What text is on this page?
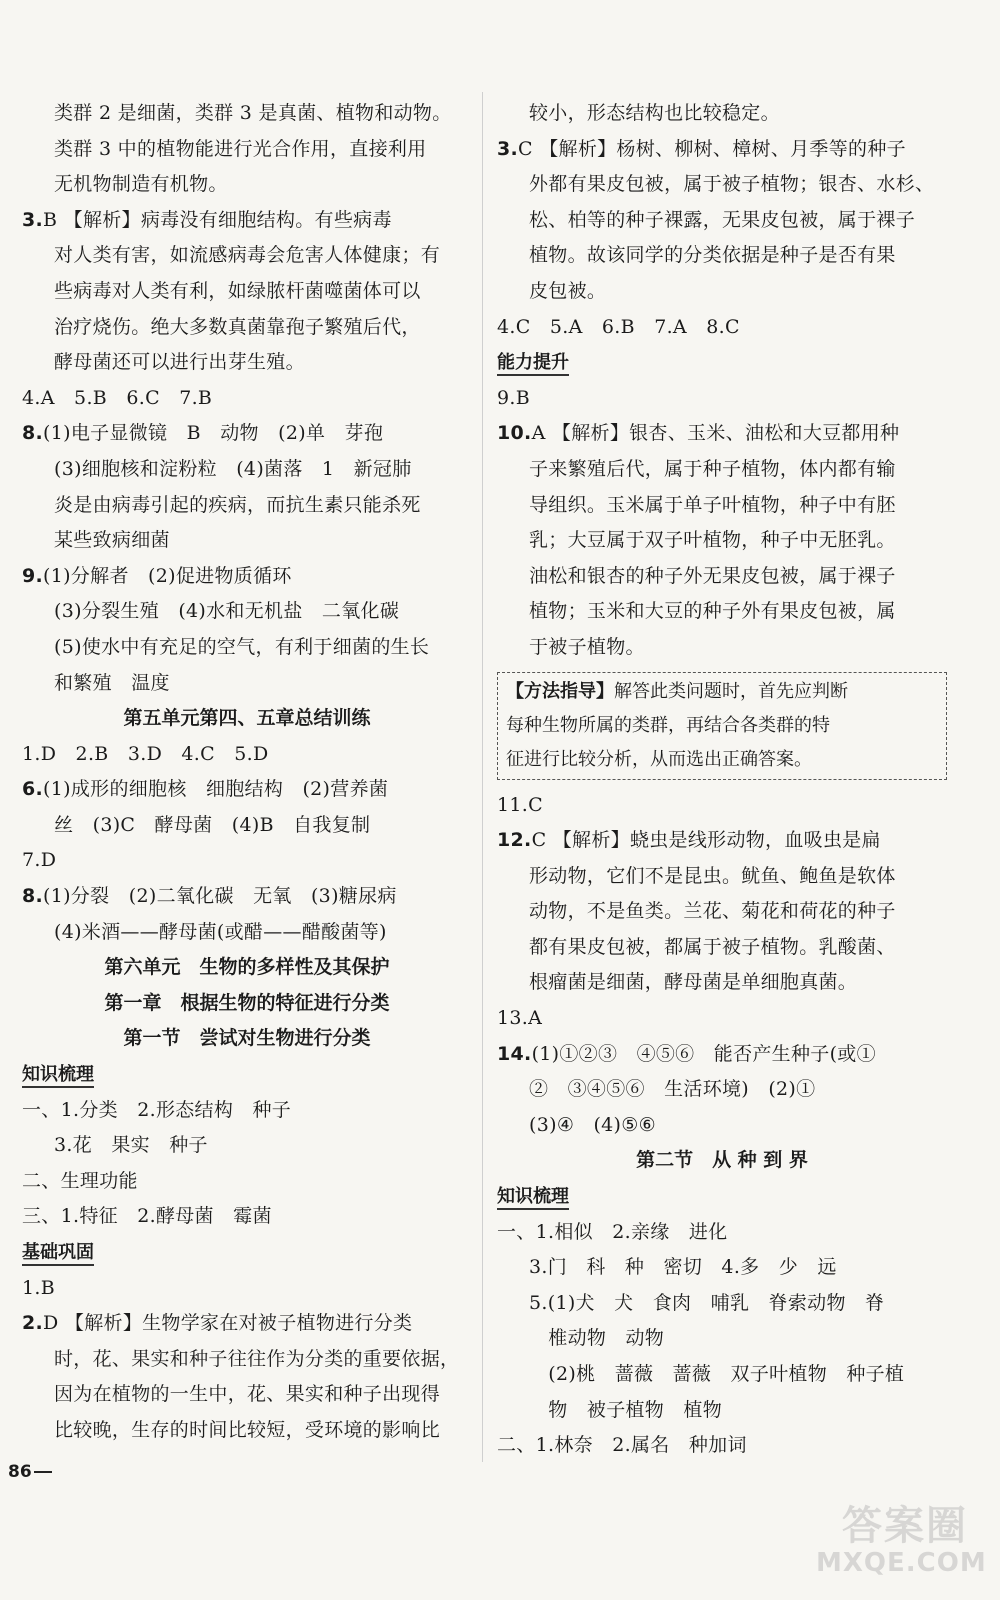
类群 2 是细菌，类群 3 是真菌、植物和动物。
类群 3 中的植物能进行光合作用，直接利用
无机物制造有机物。
3.B 【解析】病毒没有细胞结构。有些病毒
对人类有害，如流感病毒会危害人体健康；有
些病毒对人类有利，如绿脓杆菌噬菌体可以
治疗烧伤。绝大多数真菌靠孢子繁殖后代，
酵母菌还可以进行出芽生殖。
4.A　5.B　6.C　7.B
8.(1)电子显微镜　B　动物　(2)单　芽孢
(3)细胞核和淀粉粒　(4)菌落　1　新冠肺
炎是由病毒引起的疾病，而抗生素只能杀死
某些致病细菌
9.(1)分解者　(2)促进物质循环
(3)分裂生殖　(4)水和无机盐　二氧化碳
(5)使水中有充足的空气，有利于细菌的生长
和繁殖　温度
第五单元第四、五章总结训练
1.D　2.B　3.D　4.C　5.D
6.(1)成形的细胞核　细胞结构　(2)营养菌
丝　(3)C　酵母菌　(4)B　自我复制
7.D
8.(1)分裂　(2)二氧化碳　无氧　(3)糖尿病
(4)米酒——酵母菌(或醋——醋酸菌等)
第六单元　生物的多样性及其保护
第一章　根据生物的特征进行分类
第一节　尝试对生物进行分类
知识梳理
一、1.分类　2.形态结构　种子
3.花　果实　种子
二、生理功能
三、1.特征　2.酵母菌　霉菌
基础巩固
1.B
2.D 【解析】生物学家在对被子植物进行分类
时，花、果实和种子往往作为分类的重要依据，
因为在植物的一生中，花、果实和种子出现得
比较晚，生存的时间比较短，受环境的影响比
较小，形态结构也比较稳定。
3.C 【解析】杨树、柳树、樟树、月季等的种子
外都有果皮包被，属于被子植物；银杏、水杉、
松、柏等的种子裸露，无果皮包被，属于裸子
植物。故该同学的分类依据是种子是否有果
皮包被。
4.C　5.A　6.B　7.A　8.C
能力提升
9.B
10.A 【解析】银杏、玉米、油松和大豆都用种
子来繁殖后代，属于种子植物，体内都有输
导组织。玉米属于单子叶植物，种子中有胚
乳；大豆属于双子叶植物，种子中无胚乳。
油松和银杏的种子外无果皮包被，属于裸子
植物；玉米和大豆的种子外有果皮包被，属
于被子植物。
【方法指导】解答此类问题时，首先应判断
每种生物所属的类群，再结合各类群的特
征进行比较分析，从而选出正确答案。
11.C
12.C 【解析】蛲虫是线形动物，血吸虫是扁
形动物，它们不是昆虫。鱿鱼、鲍鱼是软体
动物，不是鱼类。兰花、菊花和荷花的种子
都有果皮包被，都属于被子植物。乳酸菌、
根瘤菌是细菌，酵母菌是单细胞真菌。
13.A
14.(1)①②③　④⑤⑥　能否产生种子(或①
②　③④⑤⑥　生活环境)　(2)①
(3)④　(4)⑤⑥
第二节　从 种 到 界
知识梳理
一、1.相似　2.亲缘　进化
3.门　科　种　密切　4.多　少　远
5.(1)犬　犬　食肉　哺乳　脊索动物　脊
　椎动物　动物
　(2)桃　蔷薇　蔷薇　双子叶植物　种子植
　物　被子植物　植物
二、1.林奈　2.属名　种加词
86
答案圈
MXQE.COM
